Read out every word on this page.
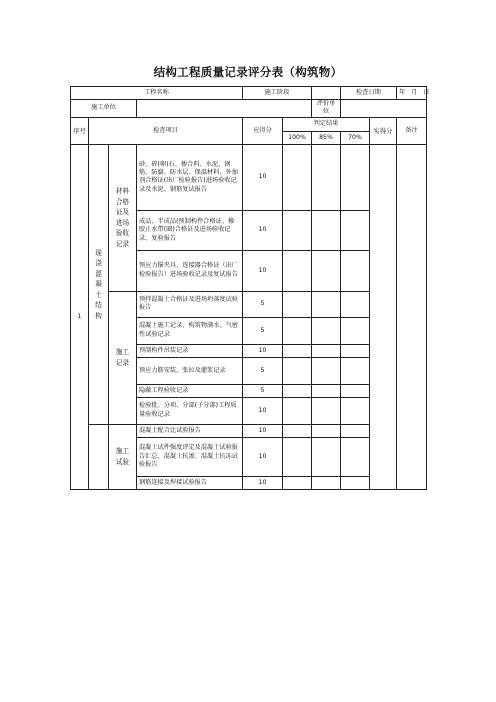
结构工程质量记录评分表（构筑物）
工程名称				施工阶段			检查日期		年 月 日
施工单位						评价单位			
序号	检查项目			应得分	判定结果			实得分	备注
					100%	85%	70%		
1	现浇混凝土结构	材料合格证及进场验收记录	砂、碎(卵)石、掺合料、水泥、钢筋、防腐、防水层、保温材料、外加剂合格证(出厂检验报告)进场验收记录及水泥、钢筋复试报告	10					
			成品、半成品(预制构件合格证、橡胶止水带(圈)合格证及进场验收记录、复验报告	10					
			预应力锚夹具、连接器合格证（出厂检验报告）进场验收记录及复试报告	10					
		施工记录	预拌混凝土合格证及进场坍落度试验报告	5					
			混凝土施工记录、构筑物满水、气密性试验记录	5					
			预制构件吊装记录	10					
			预应力筋安装、张拉及灌浆记录	5					
			隐蔽工程验收记录	5					
			检验批、分项、分部(子分部)工程质量验收记录	10					
		施工试验	混凝土配合比试验报告	10					
			混凝土试件强度评定及混凝土试验报告汇总、混凝土抗渗、混凝土抗冻试验报告	10					
			钢筋连接及焊接试验报告	10					
